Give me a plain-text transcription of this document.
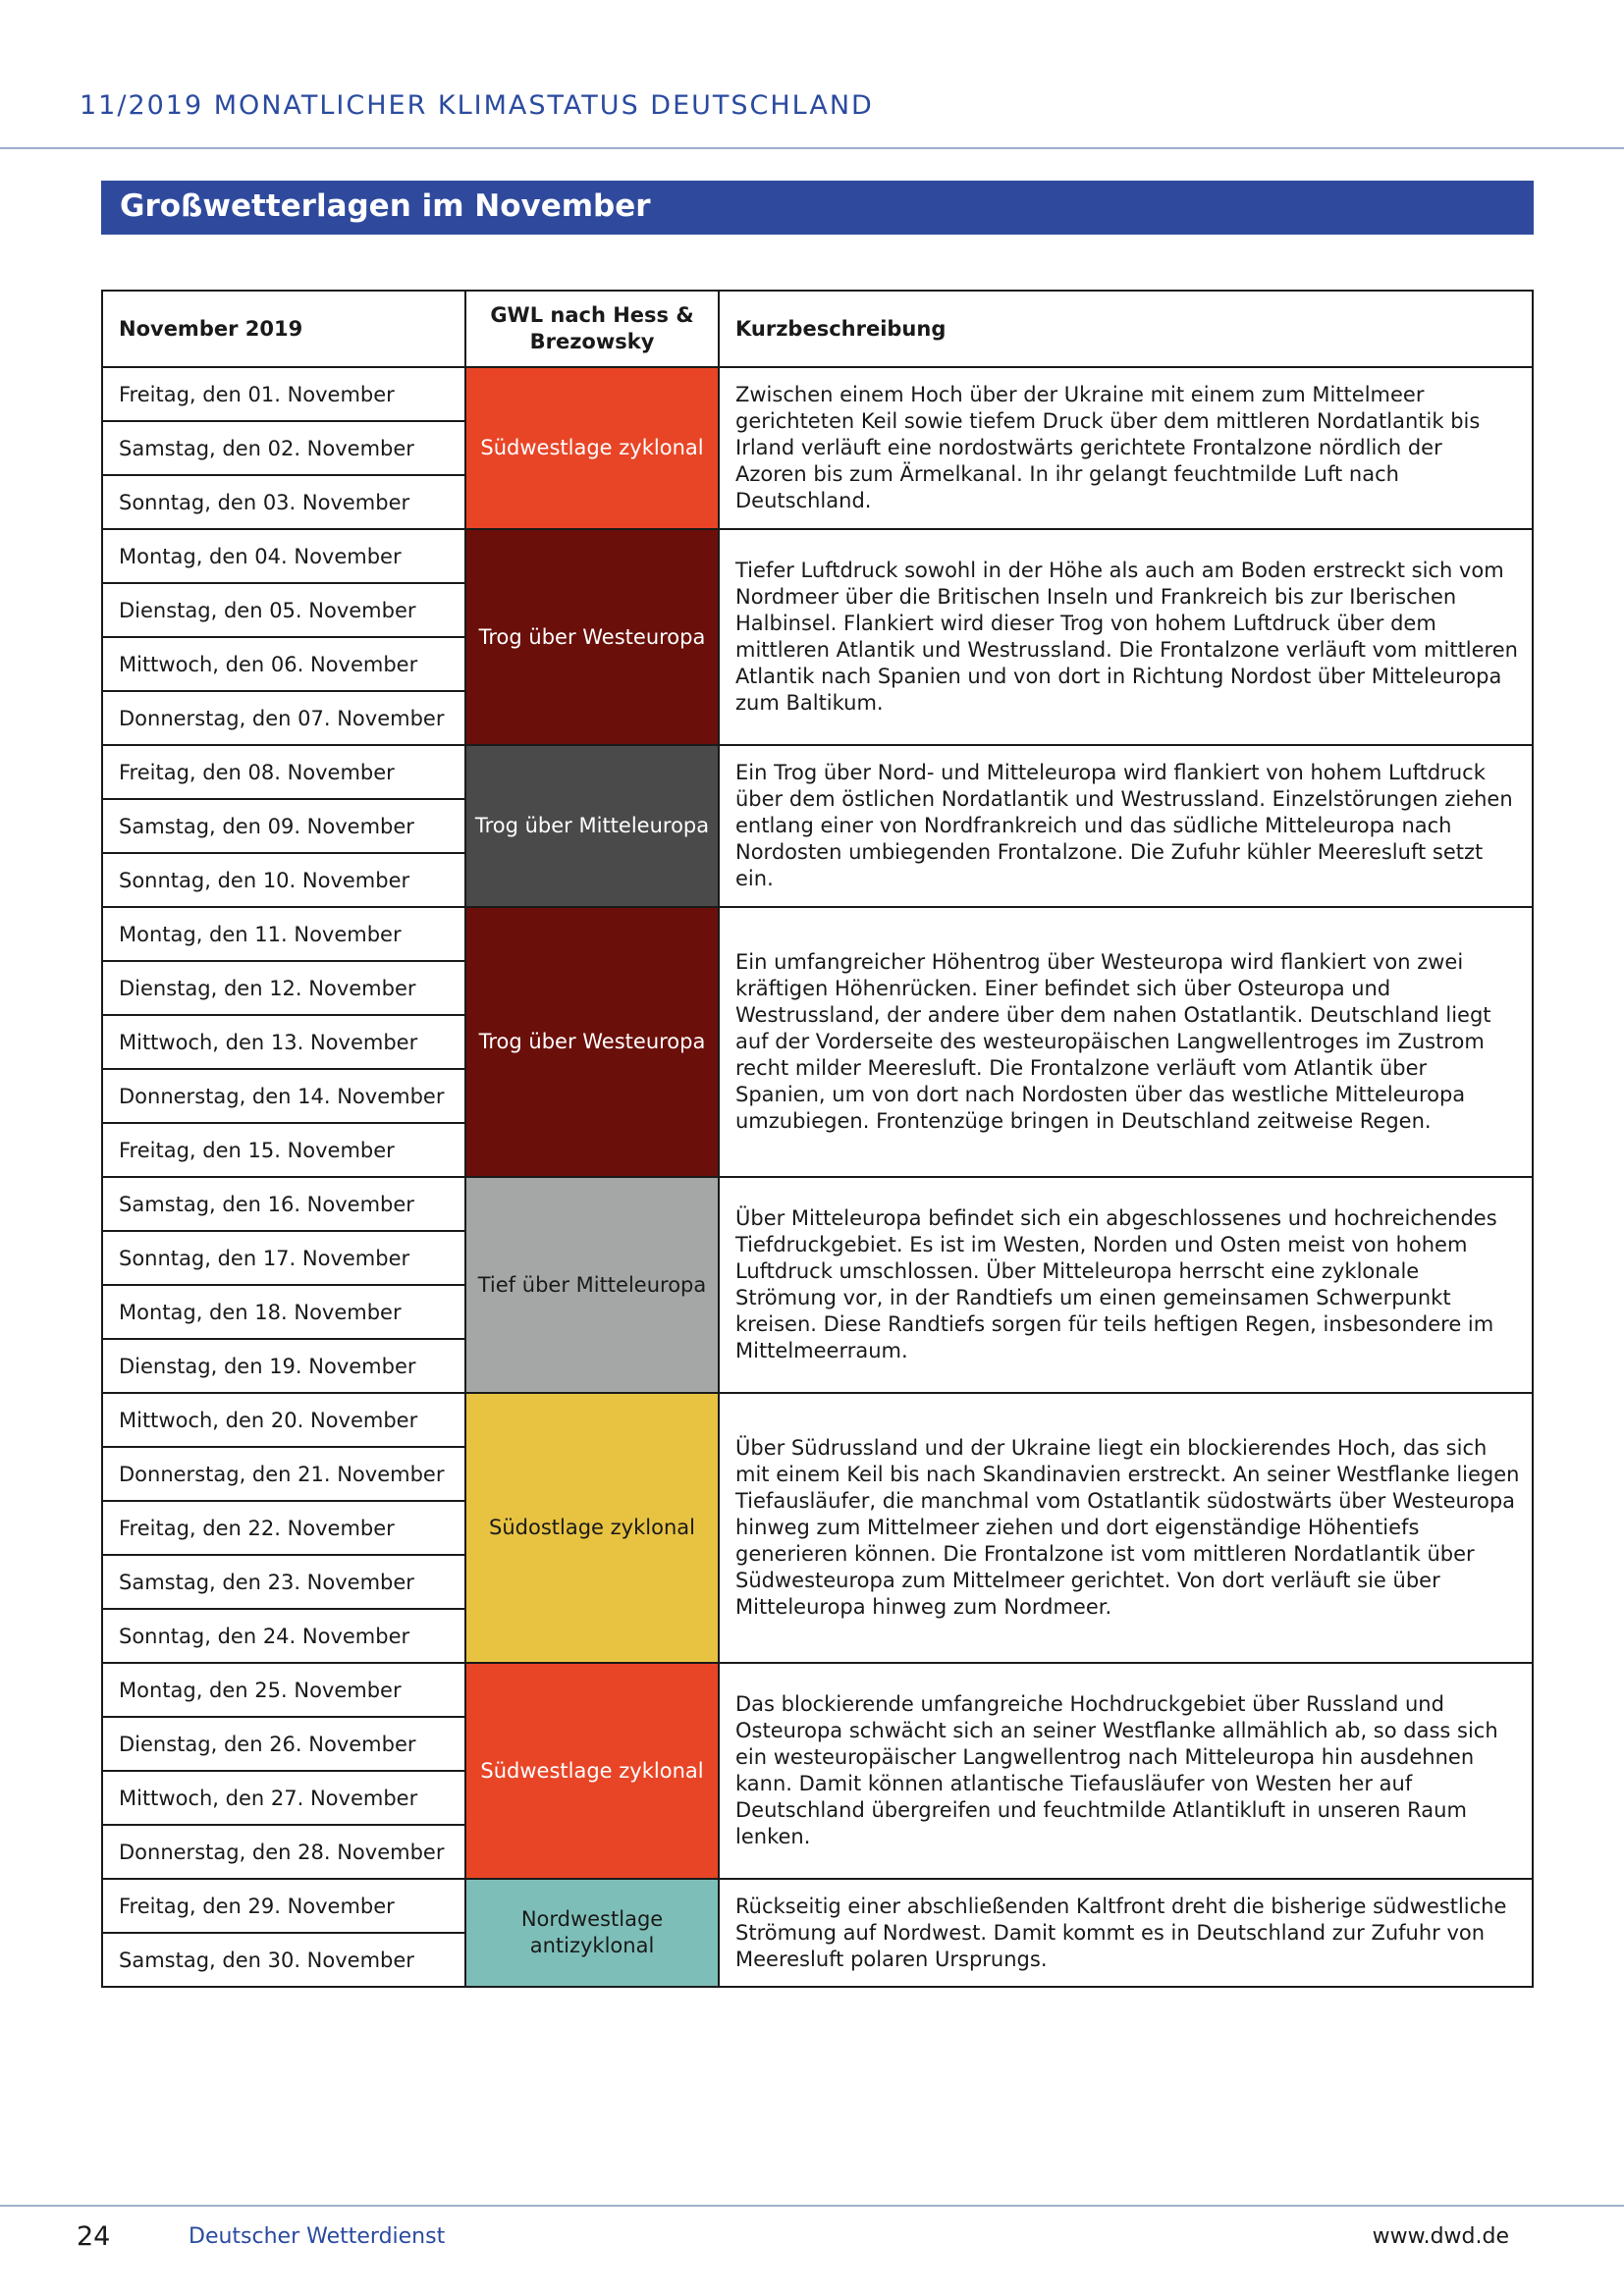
11/2019 MONATLICHER KLIMASTATUS DEUTSCHLAND
Großwetterlagen im November
November 2019	GWL nach Hess & Brezowsky	Kurzbeschreibung
Freitag, den 01. November	Südwestlage zyklonal	Zwischen einem Hoch über der Ukraine mit einem zum Mittelmeer gerichteten Keil sowie tiefem Druck über dem mittleren Nordatlantik bis Irland verläuft eine nordostwärts gerichtete Frontalzone nördlich der Azoren bis zum Ärmelkanal. In ihr gelangt feuchtmilde Luft nach Deutschland.
Samstag, den 02. November		
Sonntag, den 03. November		
Montag, den 04. November	Trog über Westeuropa	Tiefer Luftdruck sowohl in der Höhe als auch am Boden erstreckt sich vom Nordmeer über die Britischen Inseln und Frankreich bis zur Iberischen Halbinsel. Flankiert wird dieser Trog von hohem Luftdruck über dem mittleren Atlantik und Westrussland. Die Frontalzone verläuft vom mittleren Atlantik nach Spanien und von dort in Richtung Nordost über Mitteleuropa zum Baltikum.
Dienstag, den 05. November		
Mittwoch, den 06. November		
Donnerstag, den 07. November		
Freitag, den 08. November	Trog über Mitteleuropa	Ein Trog über Nord- und Mitteleuropa wird flankiert von hohem Luftdruck über dem östlichen Nordatlantik und Westrussland. Einzelstörungen ziehen entlang einer von Nordfrankreich und das südliche Mitteleuropa nach Nordosten umbiegenden Frontalzone. Die Zufuhr kühler Meeresluft setzt ein.
Samstag, den 09. November		
Sonntag, den 10. November		
Montag, den 11. November	Trog über Westeuropa	Ein umfangreicher Höhentrog über Westeuropa wird flankiert von zwei kräftigen Höhenrücken. Einer befindet sich über Osteuropa und Westrussland, der andere über dem nahen Ostatlantik. Deutschland liegt auf der Vorderseite des westeuropäischen Langwellentroges im Zustrom recht milder Meeresluft. Die Frontalzone verläuft vom Atlantik über Spanien, um von dort nach Nordosten über das westliche Mitteleuropa umzubiegen. Frontenzüge bringen in Deutschland zeitweise Regen.
Dienstag, den 12. November		
Mittwoch, den 13. November		
Donnerstag, den 14. November		
Freitag, den 15. November		
Samstag, den 16. November	Tief über Mitteleuropa	Über Mitteleuropa befindet sich ein abgeschlossenes und hochreichendes Tiefdruckgebiet. Es ist im Westen, Norden und Osten meist von hohem Luftdruck umschlossen. Über Mitteleuropa herrscht eine zyklonale Strömung vor, in der Randtiefs um einen gemeinsamen Schwerpunkt kreisen. Diese Randtiefs sorgen für teils heftigen Regen, insbesondere im Mittelmeerraum.
Sonntag, den 17. November		
Montag, den 18. November		
Dienstag, den 19. November		
Mittwoch, den 20. November	Südostlage zyklonal	Über Südrussland und der Ukraine liegt ein blockierendes Hoch, das sich mit einem Keil bis nach Skandinavien erstreckt. An seiner Westflanke liegen Tiefausläufer, die manchmal vom Ostatlantik südostwärts über Westeuropa hinweg zum Mittelmeer ziehen und dort eigenständige Höhentiefs generieren können. Die Frontalzone ist vom mittleren Nordatlantik über Südwesteuropa zum Mittelmeer gerichtet. Von dort verläuft sie über Mitteleuropa hinweg zum Nordmeer.
Donnerstag, den 21. November		
Freitag, den 22. November		
Samstag, den 23. November		
Sonntag, den 24. November		
Montag, den 25. November	Südwestlage zyklonal	Das blockierende umfangreiche Hochdruckgebiet über Russland und Osteuropa schwächt sich an seiner Westflanke allmählich ab, so dass sich ein westeuropäischer Langwellentrog nach Mitteleuropa hin ausdehnen kann. Damit können atlantische Tiefausläufer von Westen her auf Deutschland übergreifen und feuchtmilde Atlantikluft in unseren Raum lenken.
Dienstag, den 26. November		
Mittwoch, den 27. November		
Donnerstag, den 28. November		
Freitag, den 29. November	Nordwestlage antizyklonal	Rückseitig einer abschließenden Kaltfront dreht die bisherige südwestliche Strömung auf Nordwest. Damit kommt es in Deutschland zur Zufuhr von Meeresluft polaren Ursprungs.
Samstag, den 30. November		
24	Deutscher Wetterdienst	www.dwd.de
